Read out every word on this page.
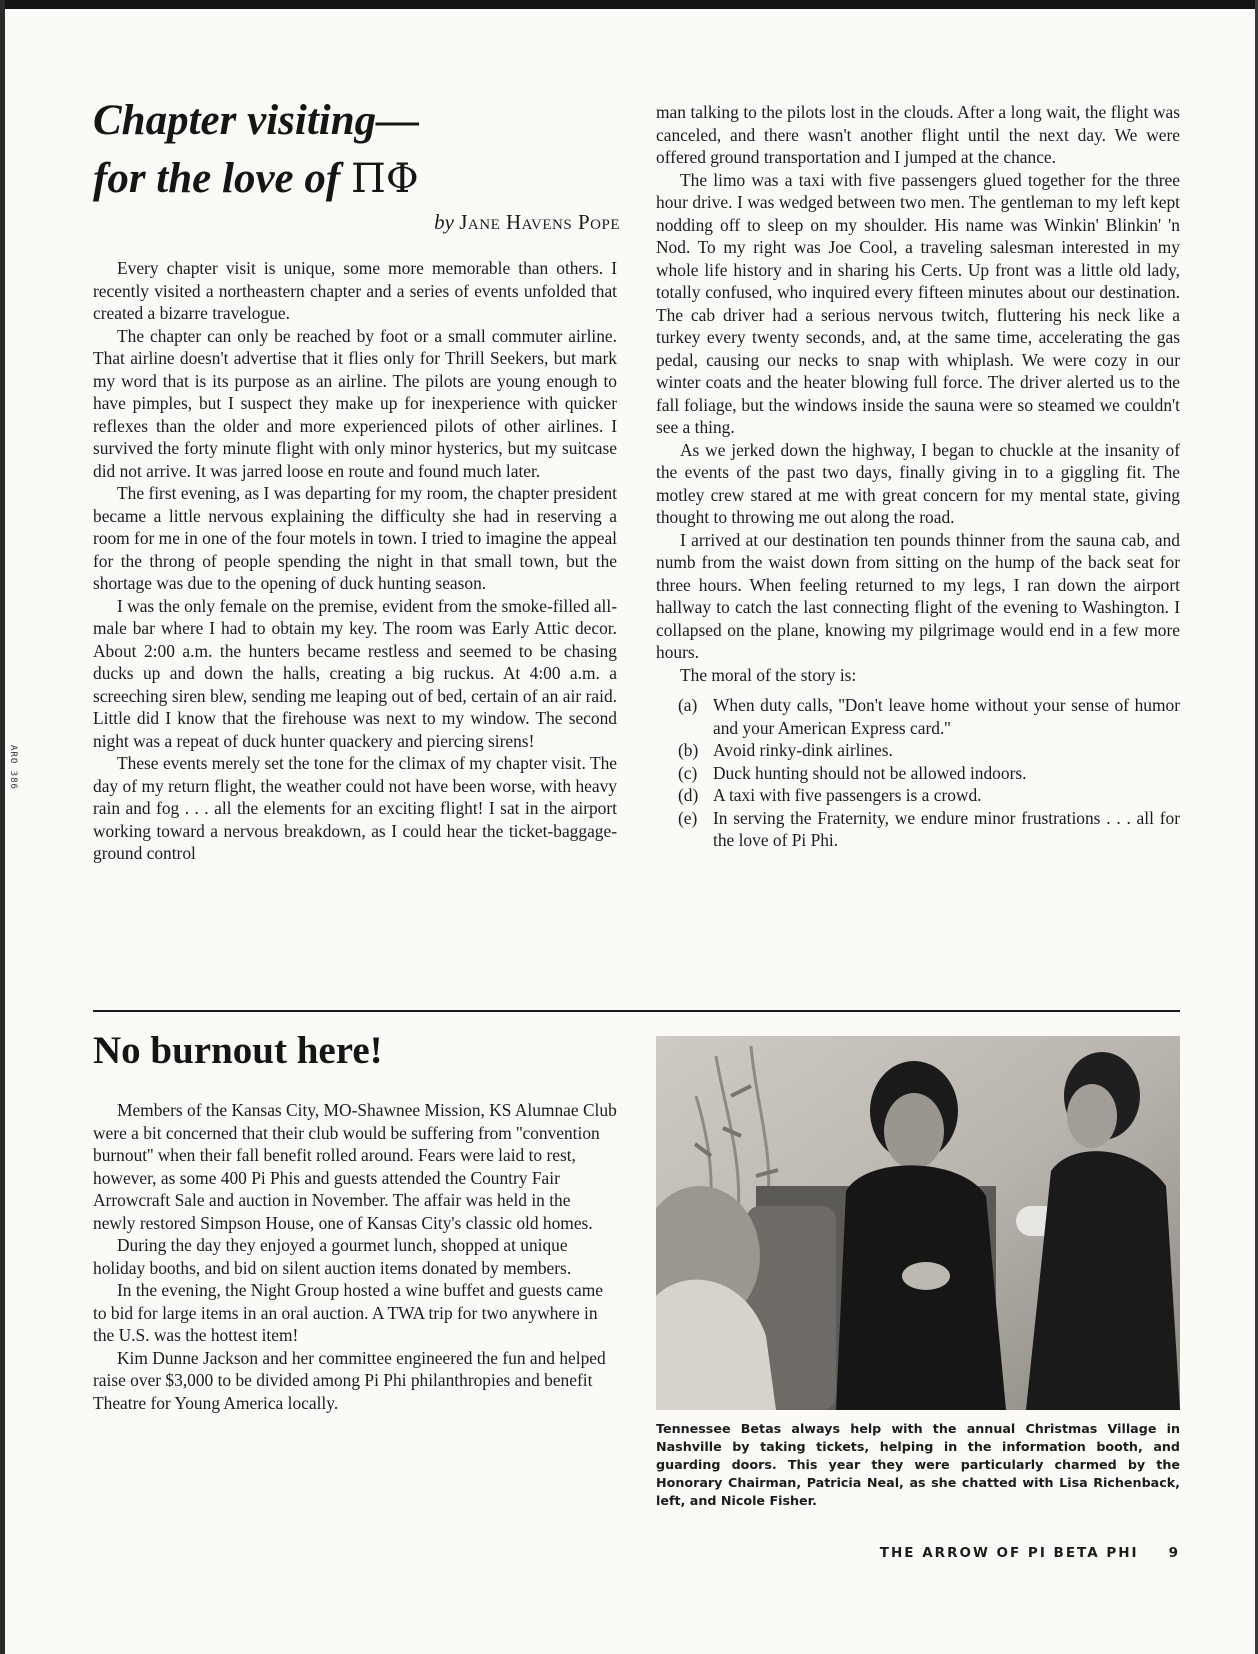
ARO 386

Chapter visiting—
for the love of ΠΦ

by Jane Havens Pope

Every chapter visit is unique, some more memorable than others. I recently visited a northeastern chapter and a series of events unfolded that created a bizarre travelogue.

The chapter can only be reached by foot or a small commuter airline. That airline doesn't advertise that it flies only for Thrill Seekers, but mark my word that is its purpose as an airline. The pilots are young enough to have pimples, but I suspect they make up for inexperience with quicker reflexes than the older and more experienced pilots of other airlines. I survived the forty minute flight with only minor hysterics, but my suitcase did not arrive. It was jarred loose en route and found much later.

The first evening, as I was departing for my room, the chapter president became a little nervous explaining the difficulty she had in reserving a room for me in one of the four motels in town. I tried to imagine the appeal for the throng of people spending the night in that small town, but the shortage was due to the opening of duck hunting season.

I was the only female on the premise, evident from the smoke-filled all-male bar where I had to obtain my key. The room was Early Attic decor. About 2:00 a.m. the hunters became restless and seemed to be chasing ducks up and down the halls, creating a big ruckus. At 4:00 a.m. a screeching siren blew, sending me leaping out of bed, certain of an air raid. Little did I know that the firehouse was next to my window. The second night was a repeat of duck hunter quackery and piercing sirens!

These events merely set the tone for the climax of my chapter visit. The day of my return flight, the weather could not have been worse, with heavy rain and fog . . . all the elements for an exciting flight! I sat in the airport working toward a nervous breakdown, as I could hear the ticket-baggage-ground control

man talking to the pilots lost in the clouds. After a long wait, the flight was canceled, and there wasn't another flight until the next day. We were offered ground transportation and I jumped at the chance.

The limo was a taxi with five passengers glued together for the three hour drive. I was wedged between two men. The gentleman to my left kept nodding off to sleep on my shoulder. His name was Winkin' Blinkin' 'n Nod. To my right was Joe Cool, a traveling salesman interested in my whole life history and in sharing his Certs. Up front was a little old lady, totally confused, who inquired every fifteen minutes about our destination. The cab driver had a serious nervous twitch, fluttering his neck like a turkey every twenty seconds, and, at the same time, accelerating the gas pedal, causing our necks to snap with whiplash. We were cozy in our winter coats and the heater blowing full force. The driver alerted us to the fall foliage, but the windows inside the sauna were so steamed we couldn't see a thing.

As we jerked down the highway, I began to chuckle at the insanity of the events of the past two days, finally giving in to a giggling fit. The motley crew stared at me with great concern for my mental state, giving thought to throwing me out along the road.

I arrived at our destination ten pounds thinner from the sauna cab, and numb from the waist down from sitting on the hump of the back seat for three hours. When feeling returned to my legs, I ran down the airport hallway to catch the last connecting flight of the evening to Washington. I collapsed on the plane, knowing my pilgrimage would end in a few more hours.

The moral of the story is:

(a) When duty calls, ''Don't leave home without your sense of humor and your American Express card.''
(b) Avoid rinky-dink airlines.
(c) Duck hunting should not be allowed indoors.
(d) A taxi with five passengers is a crowd.
(e) In serving the Fraternity, we endure minor frustrations . . . all for the love of Pi Phi.
No burnout here!

Members of the Kansas City, MO-Shawnee Mission, KS Alumnae Club were a bit concerned that their club would be suffering from ''convention burnout'' when their fall benefit rolled around. Fears were laid to rest, however, as some 400 Pi Phis and guests attended the Country Fair Arrowcraft Sale and auction in November. The affair was held in the newly restored Simpson House, one of Kansas City's classic old homes.

During the day they enjoyed a gourmet lunch, shopped at unique holiday booths, and bid on silent auction items donated by members.

In the evening, the Night Group hosted a wine buffet and guests came to bid for large items in an oral auction. A TWA trip for two anywhere in the U.S. was the hottest item!

Kim Dunne Jackson and her committee engineered the fun and helped raise over $3,000 to be divided among Pi Phi philanthropies and benefit Theatre for Young America locally.

Tennessee Betas always help with the annual Christmas Village in Nashville by taking tickets, helping in the information booth, and guarding doors. This year they were particularly charmed by the Honorary Chairman, Patricia Neal, as she chatted with Lisa Richenback, left, and Nicole Fisher.

THE ARROW OF PI BETA PHI 9
